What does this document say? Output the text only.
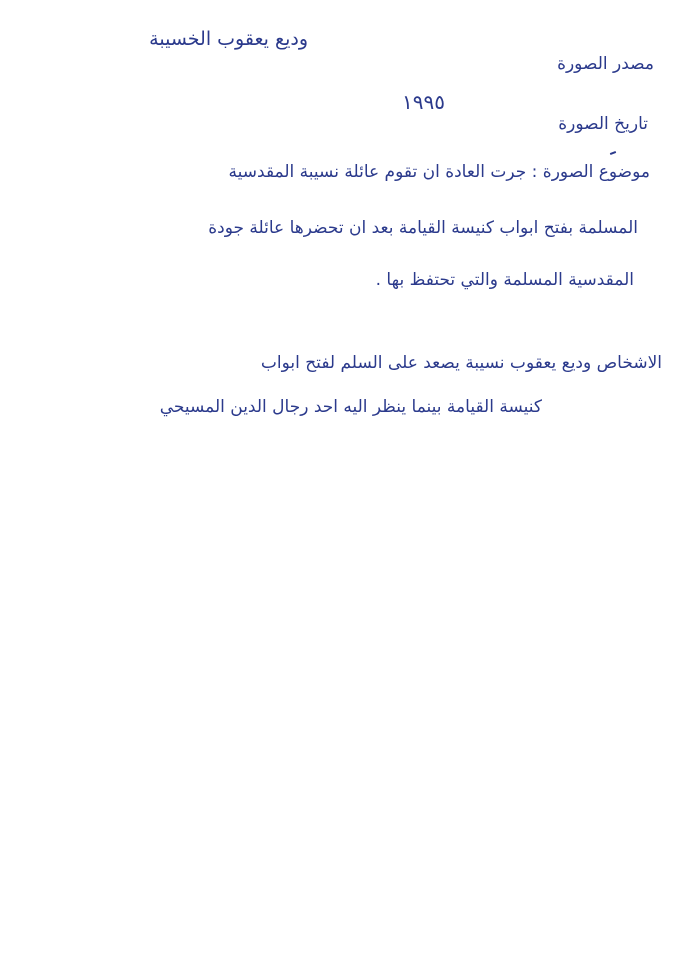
وديع يعقوب الخسيبة
مصدر الصورة
١٩٩٥
تاريخ الصورة
موضوع الصورة : جرت العادة ان تقوم عائلة نسيبة المقدسية
المسلمة بفتح ابواب كنيسة القيامة بعد ان تحضرها عائلة جودة
المقدسية المسلمة والتي تحتفظ بها .
الاشخاص وديع يعقوب نسيبة يصعد على السلم لفتح ابواب
كنيسة القيامة بينما ينظر اليه احد رجال الدين المسيحي
